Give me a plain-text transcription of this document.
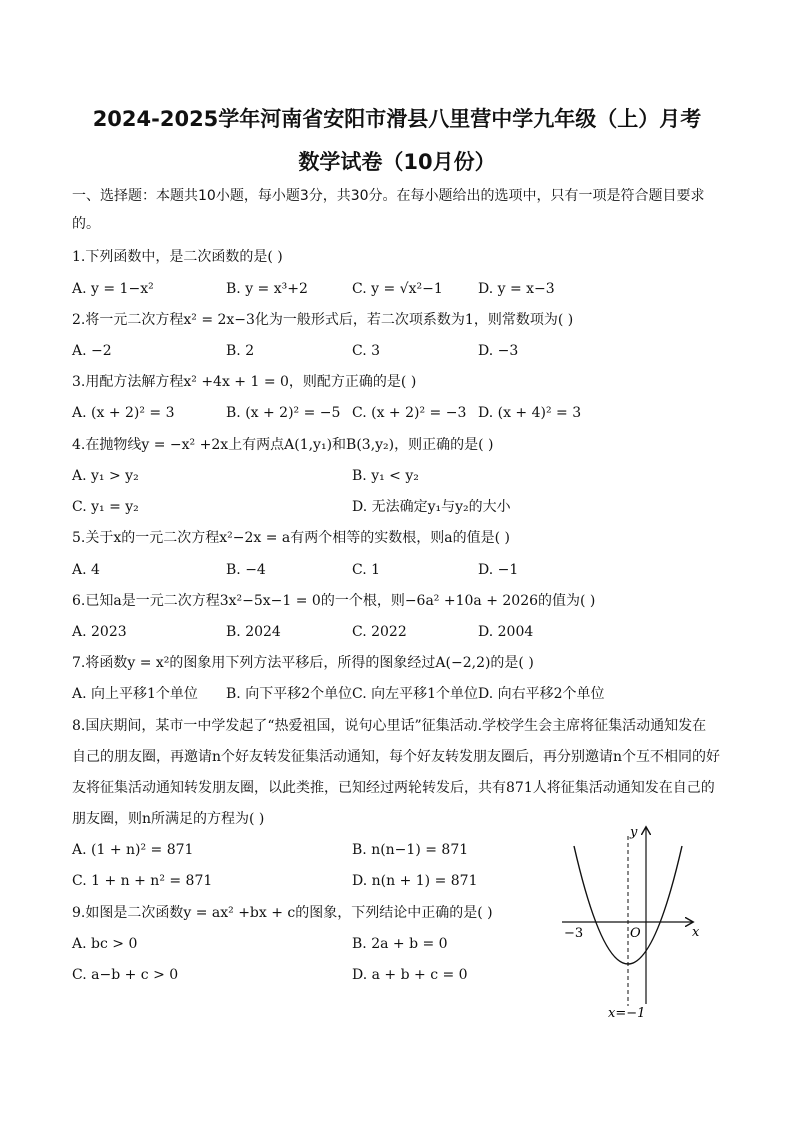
2024-2025学年河南省安阳市滑县八里营中学九年级（上）月考
数学试卷（10月份）
一、选择题：本题共10小题，每小题3分，共30分。在每小题给出的选项中，只有一项是符合题目要求
的。
1.下列函数中，是二次函数的是( )
A. y = 1−x²	B. y = x³+2	C. y = √x²−1	D. y = x−3
2.将一元二次方程x² = 2x−3化为一般形式后，若二次项系数为1，则常数项为( )
A. −2	B. 2	C. 3	D. −3
3.用配方法解方程x² +4x + 1 = 0，则配方正确的是( )
A. (x + 2)² = 3	B. (x + 2)² = −5 C. (x + 2)² = −3 D. (x + 4)² = 3
4.在抛物线y = −x² +2x上有两点A(1,y₁)和B(3,y₂)，则正确的是( )
A. y₁ > y₂	B. y₁ < y₂
C. y₁ = y₂	D. 无法确定y₁与y₂的大小
5.关于x的一元二次方程x²−2x = a有两个相等的实数根，则a的值是( )
A. 4	B. −4	C. 1	D. −1
6.已知a是一元二次方程3x²−5x−1 = 0的一个根，则−6a² +10a + 2026的值为( )
A. 2023	B. 2024	C. 2022	D. 2004
7.将函数y = x²的图象用下列方法平移后，所得的图象经过A(−2,2)的是( )
A. 向上平移1个单位 B. 向下平移2个单位 C. 向左平移1个单位 D. 向右平移2个单位
8.国庆期间，某市一中学发起了“热爱祖国，说句心里话”征集活动.学校学生会主席将征集活动通知发在
自己的朋友圈，再邀请n个好友转发征集活动通知，每个好友转发朋友圈后，再分别邀请n个互不相同的好
友将征集活动通知转发朋友圈，以此类推，已知经过两轮转发后，共有871人将征集活动通知发在自己的
朋友圈，则n所满足的方程为( )
A. (1 + n)² = 871	B. n(n−1) = 871
C. 1 + n + n² = 871	D. n(n + 1) = 871
9.如图是二次函数y = ax² +bx + c的图象，下列结论中正确的是( )
A. bc > 0	B. 2a + b = 0
C. a−b + c > 0	D. a + b + c = 0
y
x
O
−3
x=−1
